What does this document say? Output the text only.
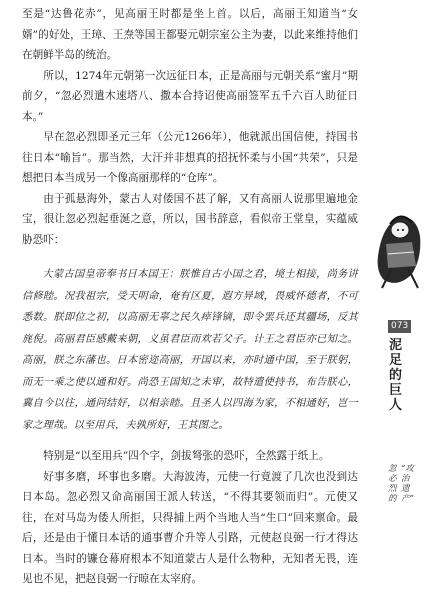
至是“达鲁花赤”，见高丽王时都是坐上首。以后，高丽王知道当“女婿”的好处，王璋、王焘等国王都娶元朝宗室公主为妻，以此来维持他们在朝鲜半岛的统治。

所以，1274年元朝第一次远征日本，正是高丽与元朝关系“蜜月”期前夕，“忽必烈遣木速塔八、撒本合持诏使高丽签军五千六百人助征日本。”

早在忽必烈即圣元三年（公元1266年），他就派出国信使，持国书往日本“喻旨”。那当然，大汗并非想真的招抚怀柔与小国“共荣”，只是想把日本当成另一个像高丽那样的“仓库”。

由于孤悬海外，蒙古人对倭国不甚了解，又有高丽人说那里遍地金宝，很让忽必烈起垂涎之意，所以，国书辞意，看似帝王堂皇，实蕴威胁恐吓：

大蒙古国皇帝奉书日本国王：朕惟自古小国之君，境土相接，尚务讲信修睦。况我祖宗，受天明命，奄有区夏，遐方异域，畏威怀德者，不可悉数。朕即位之初，以高丽无辜之民久瘁锋镝，即令罢兵还其疆场，反其旄倪。高丽君臣感戴来朝，义虽君臣而欢若父子。计王之君臣亦已知之。高丽，朕之东藩也。日本密迩高丽，开国以来，亦时通中国，至于朕躬，而无一乘之使以通和好。尚恐王国知之未审，故特遣使持书，布告朕心，冀自今以往，通问结好，以相亲睦。且圣人以四海为家，不相通好，岂一家之理哉。以至用兵，夫孰所好，王其图之。

特别是“以至用兵”四个字，剑拔弩张的恐吓，全然露于纸上。

好事多磨，坏事也多磨。大海波涛，元使一行竟渡了几次也没到达日本岛。忽必烈又命高丽国王派人转送，“不得其要领而归”。元使又往，在对马岛为倭人所拒，只得捕上两个当地人当“生口”回来禀命。最后，还是由于懂日本话的通事曹介升等人引路，元使赵良弼一行才得达日本。当时的镰仓幕府根本不知道蒙古人是什么物种，无知者无畏，连见也不见，把赵良弼一行晾在太宰府。

073
泥足的巨人
忽必烈的
“攻治遗产”
